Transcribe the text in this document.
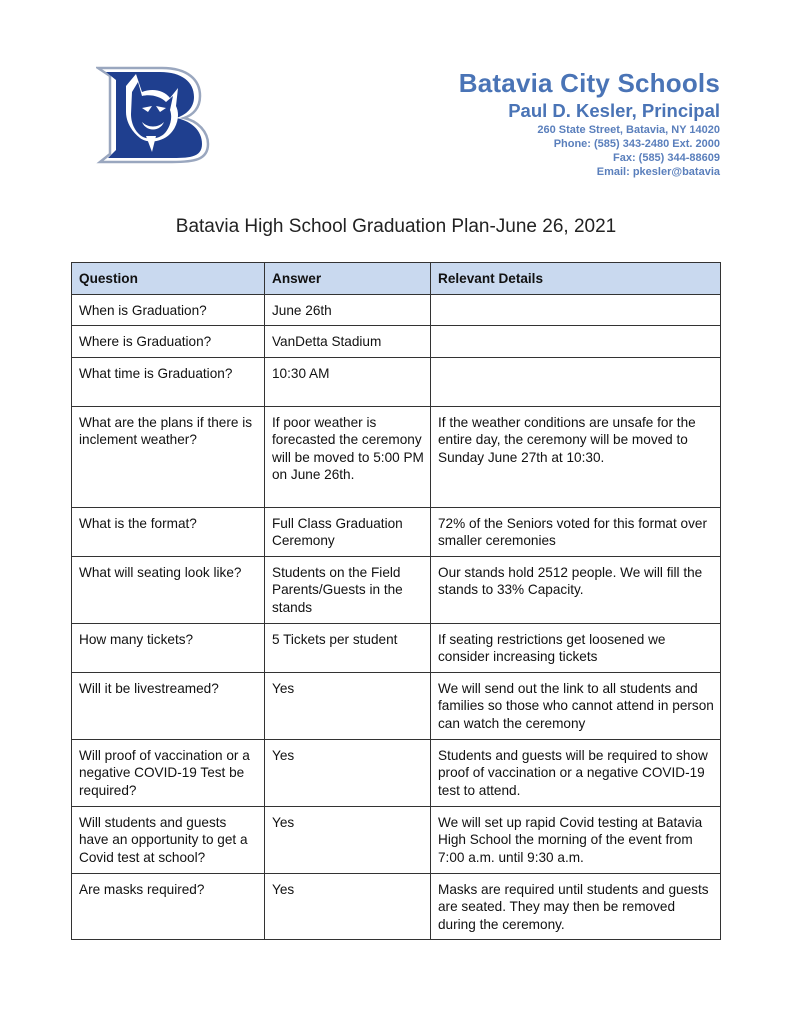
Batavia City Schools
Paul D. Kesler, Principal
260 State Street, Batavia, NY 14020
Phone: (585) 343-2480 Ext. 2000
Fax: (585) 344-88609
Email: pkesler@batavia
Batavia High School Graduation Plan-June 26, 2021
Question	Answer	Relevant Details
When is Graduation?	June 26th	
Where is Graduation?	VanDetta Stadium	
What time is Graduation?	10:30 AM	
What are the plans if there is inclement weather?	If poor weather is forecasted the ceremony will be moved to 5:00 PM on June 26th.	If the weather conditions are unsafe for the entire day, the ceremony will be moved to Sunday June 27th at 10:30.
What is the format?	Full Class Graduation Ceremony	72% of the Seniors voted for this format over smaller ceremonies
What will seating look like?	Students on the Field Parents/Guests in the stands	Our stands hold 2512 people. We will fill the stands to 33% Capacity.
How many tickets?	5 Tickets per student	If seating restrictions get loosened we consider increasing tickets
Will it be livestreamed?	Yes	We will send out the link to all students and families so those who cannot attend in person can watch the ceremony
Will proof of vaccination or a negative COVID-19 Test be required?	Yes	Students and guests will be required to show proof of vaccination or a negative COVID-19 test to attend.
Will students and guests have an opportunity to get a Covid test at school?	Yes	We will set up rapid Covid testing at Batavia High School the morning of the event from 7:00 a.m. until 9:30 a.m.
Are masks required?	Yes	Masks are required until students and guests are seated. They may then be removed during the ceremony.
